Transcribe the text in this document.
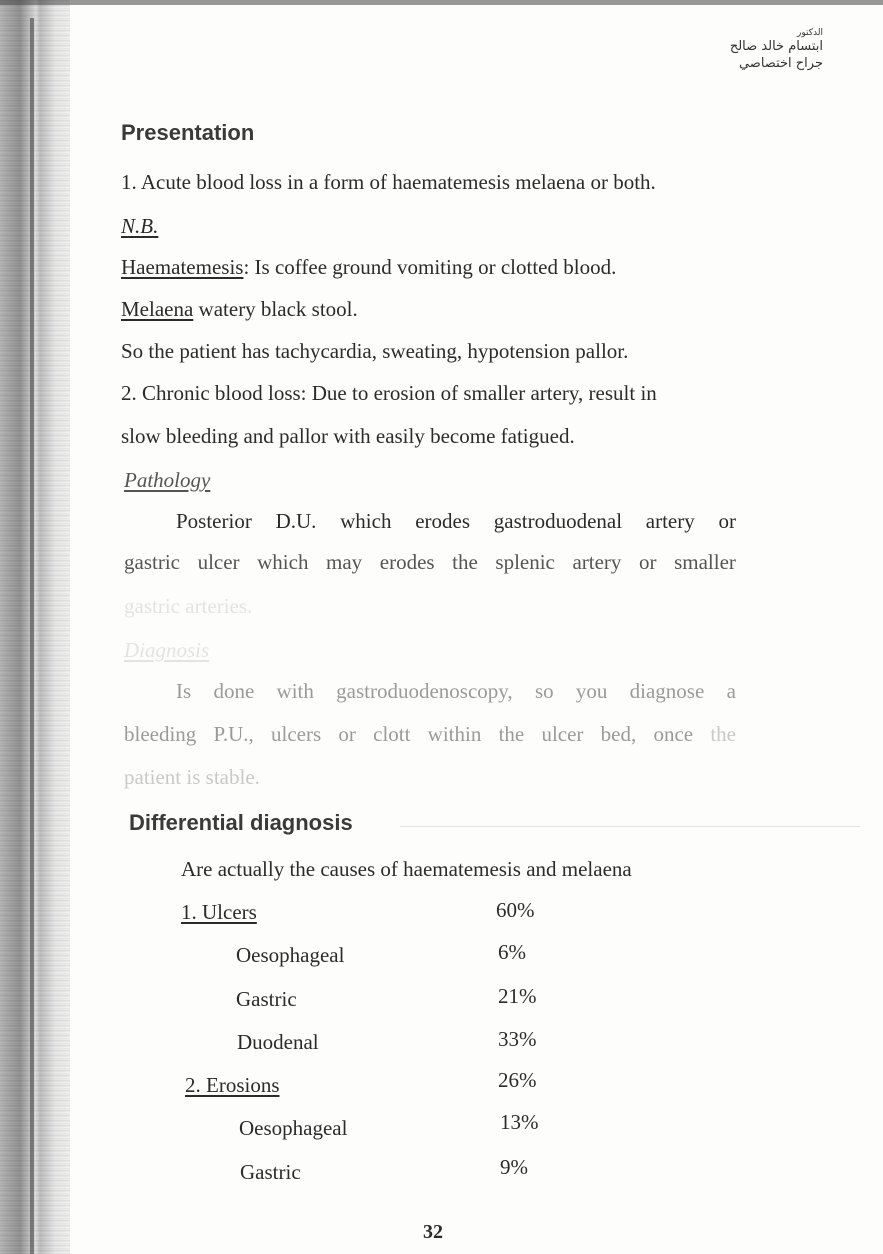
الدكتور
ابتسام خالد صالح
جراح اختصاصي
Presentation

1. Acute blood loss in a form of haematemesis melaena or both.

N.B.

Haematemesis: Is coffee ground vomiting or clotted blood.

Melaena watery black stool.

So the patient has tachycardia, sweating, hypotension pallor.

2. Chronic blood loss: Due to erosion of smaller artery, result in

slow bleeding and pallor with easily become fatigued.

Pathology

Posterior D.U. which erodes gastroduodenal artery or
gastric ulcer which may erodes the splenic artery or smaller

gastric arteries.

Diagnosis

Is done with gastroduodenoscopy, so you diagnose a
bleeding P.U., ulcers or clott within the ulcer bed, once the

patient is stable.

Differential diagnosis

Are actually the causes of haematemesis and melaena

1. Ulcers	60%
Oesophageal	6%
Gastric	21%
Duodenal	33%
2. Erosions	26%
Oesophageal	13%
Gastric	9%
32
